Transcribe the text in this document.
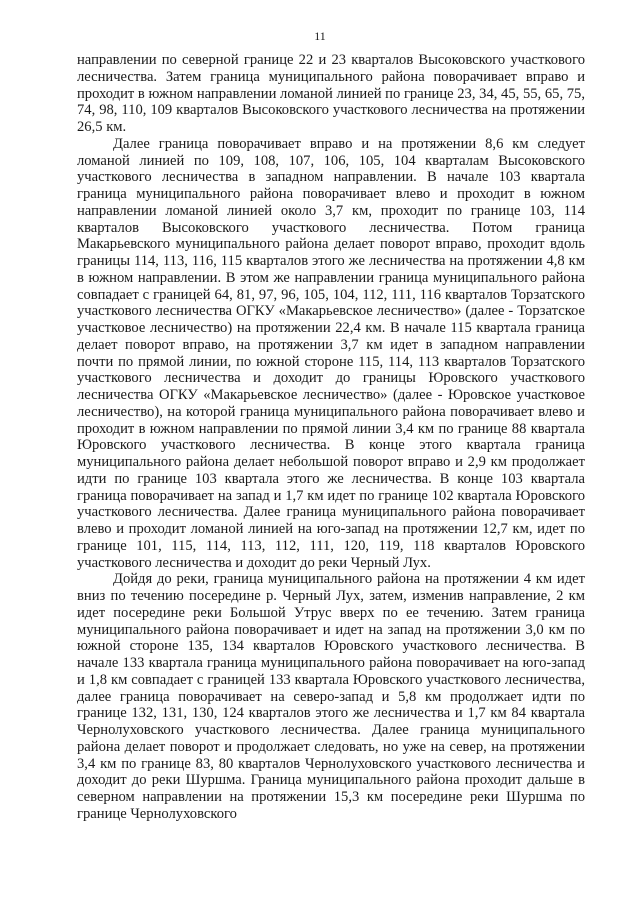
11

направлении по северной границе 22 и 23 кварталов Высоковского участкового лесничества. Затем граница муниципального района поворачивает вправо и проходит в южном направлении ломаной линией по границе 23, 34, 45, 55, 65, 75, 74, 98, 110, 109 кварталов Высоковского участкового лесничества на протяжении 26,5 км.

Далее граница поворачивает вправо и на протяжении 8,6 км следует ломаной линией по 109, 108, 107, 106, 105, 104 кварталам Высоковского участкового лесничества в западном направлении. В начале 103 квартала граница муниципального района поворачивает влево и проходит в южном направлении ломаной линией около 3,7 км, проходит по границе 103, 114 кварталов Высоковского участкового лесничества. Потом граница Макарьевского муниципального района делает поворот вправо, проходит вдоль границы 114, 113, 116, 115 кварталов этого же лесничества на протяжении 4,8 км в южном направлении. В этом же направлении граница муниципального района совпадает с границей 64, 81, 97, 96, 105, 104, 112, 111, 116 кварталов Торзатского участкового лесничества ОГКУ «Макарьевское лесничество» (далее - Торзатское участковое лесничество) на протяжении 22,4 км. В начале 115 квартала граница делает поворот вправо, на протяжении 3,7 км идет в западном направлении почти по прямой линии, по южной стороне 115, 114, 113 кварталов Торзатского участкового лесничества и доходит до границы Юровского участкового лесничества ОГКУ «Макарьевское лесничество» (далее - Юровское участковое лесничество), на которой граница муниципального района поворачивает влево и проходит в южном направлении по прямой линии 3,4 км по границе 88 квартала Юровского участкового лесничества. В конце этого квартала граница муниципального района делает небольшой поворот вправо и 2,9 км продолжает идти по границе 103 квартала этого же лесничества. В конце 103 квартала граница поворачивает на запад и 1,7 км идет по границе 102 квартала Юровского участкового лесничества. Далее граница муниципального района поворачивает влево и проходит ломаной линией на юго-запад на протяжении 12,7 км, идет по границе 101, 115, 114, 113, 112, 111, 120, 119, 118 кварталов Юровского участкового лесничества и доходит до реки Черный Лух.

Дойдя до реки, граница муниципального района на протяжении 4 км идет вниз по течению посередине р. Черный Лух, затем, изменив направление, 2 км идет посередине реки Большой Утрус вверх по ее течению. Затем граница муниципального района поворачивает и идет на запад на протяжении 3,0 км по южной стороне 135, 134 кварталов Юровского участкового лесничества. В начале 133 квартала граница муниципального района поворачивает на юго-запад и 1,8 км совпадает с границей 133 квартала Юровского участкового лесничества, далее граница поворачивает на северо-запад и 5,8 км продолжает идти по границе 132, 131, 130, 124 кварталов этого же лесничества и 1,7 км 84 квартала Чернолуховского участкового лесничества. Далее граница муниципального района делает поворот и продолжает следовать, но уже на север, на протяжении 3,4 км по границе 83, 80 кварталов Чернолуховского участкового лесничества и доходит до реки Шуршма. Граница муниципального района проходит дальше в северном направлении на протяжении 15,3 км посередине реки Шуршма по границе Чернолуховского
